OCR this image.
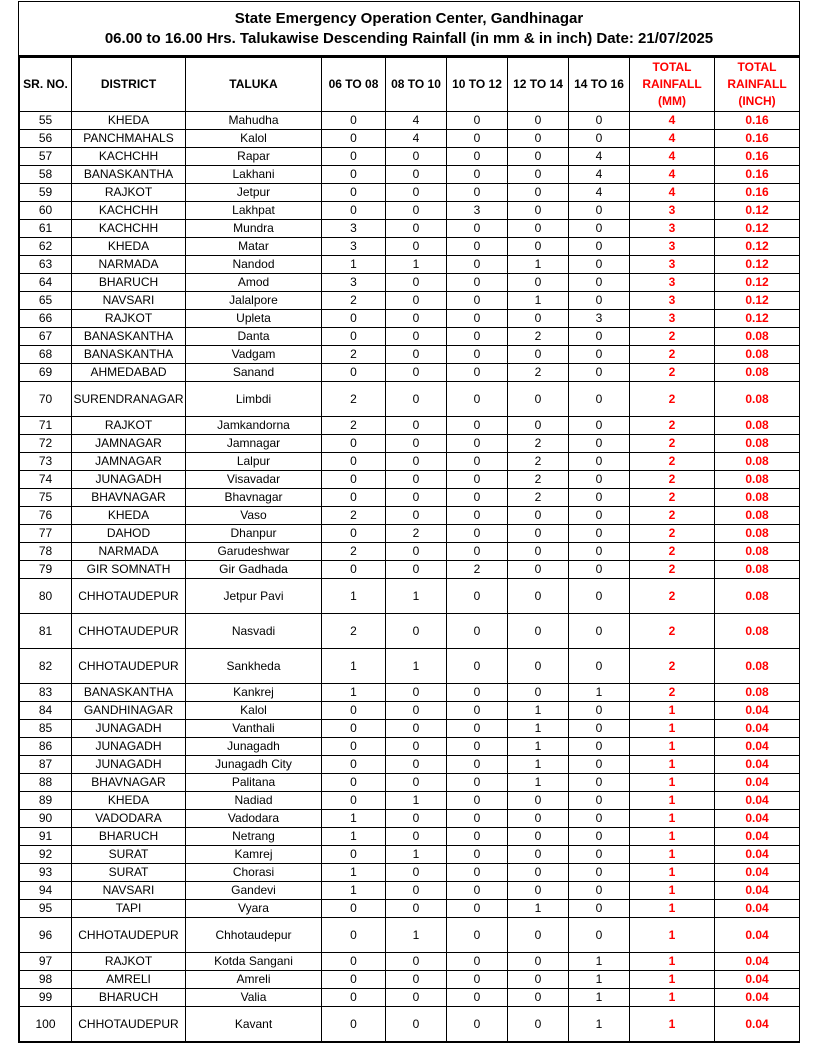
State Emergency Operation Center, Gandhinagar
06.00 to 16.00 Hrs. Talukawise Descending Rainfall (in mm & in inch) Date: 21/07/2025
SR. NO.	DISTRICT	TALUKA	06 TO 08	08 TO 10	10 TO 12	12 TO 14	14 TO 16	TOTAL RAINFALL (MM)	TOTAL RAINFALL (INCH)
55	KHEDA	Mahudha	0	4	0	0	0	4	0.16
56	PANCHMAHALS	Kalol	0	4	0	0	0	4	0.16
57	KACHCHH	Rapar	0	0	0	0	4	4	0.16
58	BANASKANTHA	Lakhani	0	0	0	0	4	4	0.16
59	RAJKOT	Jetpur	0	0	0	0	4	4	0.16
60	KACHCHH	Lakhpat	0	0	3	0	0	3	0.12
61	KACHCHH	Mundra	3	0	0	0	0	3	0.12
62	KHEDA	Matar	3	0	0	0	0	3	0.12
63	NARMADA	Nandod	1	1	0	1	0	3	0.12
64	BHARUCH	Amod	3	0	0	0	0	3	0.12
65	NAVSARI	Jalalpore	2	0	0	1	0	3	0.12
66	RAJKOT	Upleta	0	0	0	0	3	3	0.12
67	BANASKANTHA	Danta	0	0	0	2	0	2	0.08
68	BANASKANTHA	Vadgam	2	0	0	0	0	2	0.08
69	AHMEDABAD	Sanand	0	0	0	2	0	2	0.08
70	SURENDRANAGAR	Limbdi	2	0	0	0	0	2	0.08
71	RAJKOT	Jamkandorna	2	0	0	0	0	2	0.08
72	JAMNAGAR	Jamnagar	0	0	0	2	0	2	0.08
73	JAMNAGAR	Lalpur	0	0	0	2	0	2	0.08
74	JUNAGADH	Visavadar	0	0	0	2	0	2	0.08
75	BHAVNAGAR	Bhavnagar	0	0	0	2	0	2	0.08
76	KHEDA	Vaso	2	0	0	0	0	2	0.08
77	DAHOD	Dhanpur	0	2	0	0	0	2	0.08
78	NARMADA	Garudeshwar	2	0	0	0	0	2	0.08
79	GIR SOMNATH	Gir Gadhada	0	0	2	0	0	2	0.08
80	CHHOTAUDEPUR	Jetpur Pavi	1	1	0	0	0	2	0.08
81	CHHOTAUDEPUR	Nasvadi	2	0	0	0	0	2	0.08
82	CHHOTAUDEPUR	Sankheda	1	1	0	0	0	2	0.08
83	BANASKANTHA	Kankrej	1	0	0	0	1	2	0.08
84	GANDHINAGAR	Kalol	0	0	0	1	0	1	0.04
85	JUNAGADH	Vanthali	0	0	0	1	0	1	0.04
86	JUNAGADH	Junagadh	0	0	0	1	0	1	0.04
87	JUNAGADH	Junagadh City	0	0	0	1	0	1	0.04
88	BHAVNAGAR	Palitana	0	0	0	1	0	1	0.04
89	KHEDA	Nadiad	0	1	0	0	0	1	0.04
90	VADODARA	Vadodara	1	0	0	0	0	1	0.04
91	BHARUCH	Netrang	1	0	0	0	0	1	0.04
92	SURAT	Kamrej	0	1	0	0	0	1	0.04
93	SURAT	Chorasi	1	0	0	0	0	1	0.04
94	NAVSARI	Gandevi	1	0	0	0	0	1	0.04
95	TAPI	Vyara	0	0	0	1	0	1	0.04
96	CHHOTAUDEPUR	Chhotaudepur	0	1	0	0	0	1	0.04
97	RAJKOT	Kotda Sangani	0	0	0	0	1	1	0.04
98	AMRELI	Amreli	0	0	0	0	1	1	0.04
99	BHARUCH	Valia	0	0	0	0	1	1	0.04
100	CHHOTAUDEPUR	Kavant	0	0	0	0	1	1	0.04
